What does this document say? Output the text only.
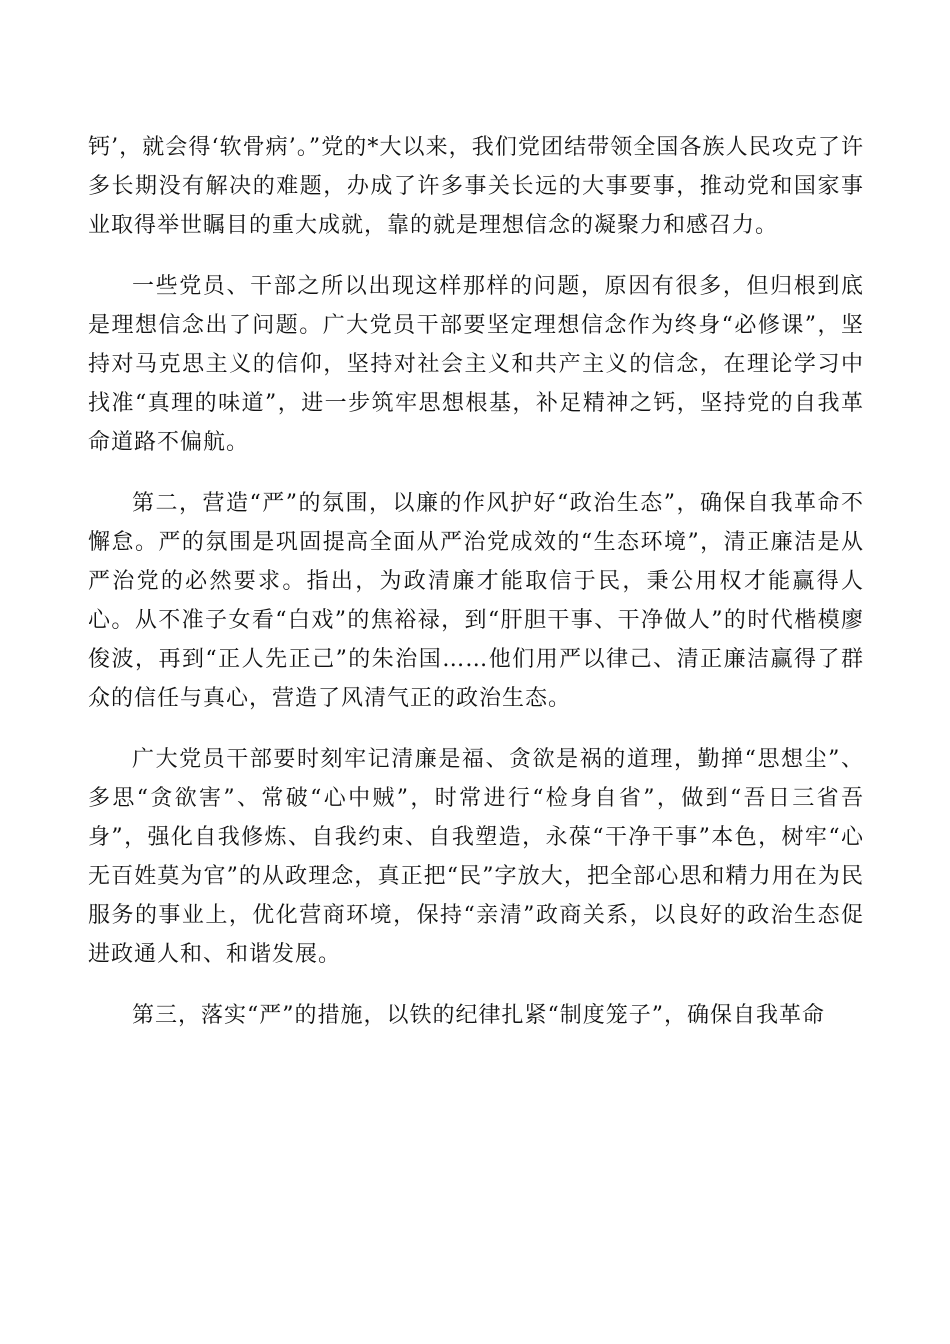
钙’，就会得‘软骨病’。”党的*大以来，我们党团结带领全国各族人民攻克了许多长期没有解决的难题，办成了许多事关长远的大事要事，推动党和国家事业取得举世瞩目的重大成就，靠的就是理想信念的凝聚力和感召力。

一些党员、干部之所以出现这样那样的问题，原因有很多，但归根到底是理想信念出了问题。广大党员干部要坚定理想信念作为终身“必修课”，坚持对马克思主义的信仰，坚持对社会主义和共产主义的信念，在理论学习中找准“真理的味道”，进一步筑牢思想根基，补足精神之钙，坚持党的自我革命道路不偏航。

第二，营造“严”的氛围，以廉的作风护好“政治生态”，确保自我革命不懈怠。严的氛围是巩固提高全面从严治党成效的“生态环境”，清正廉洁是从严治党的必然要求。指出，为政清廉才能取信于民，秉公用权才能赢得人心。从不准子女看“白戏”的焦裕禄，到“肝胆干事、干净做人”的时代楷模廖俊波，再到“正人先正己”的朱治国……他们用严以律己、清正廉洁赢得了群众的信任与真心，营造了风清气正的政治生态。

广大党员干部要时刻牢记清廉是福、贪欲是祸的道理，勤掸“思想尘”、多思“贪欲害”、常破“心中贼”，时常进行“检身自省”，做到“吾日三省吾身”，强化自我修炼、自我约束、自我塑造，永葆“干净干事”本色，树牢“心无百姓莫为官”的从政理念，真正把“民”字放大，把全部心思和精力用在为民服务的事业上，优化营商环境，保持“亲清”政商关系，以良好的政治生态促进政通人和、和谐发展。

第三，落实“严”的措施，以铁的纪律扎紧“制度笼子”，确保自我革命
